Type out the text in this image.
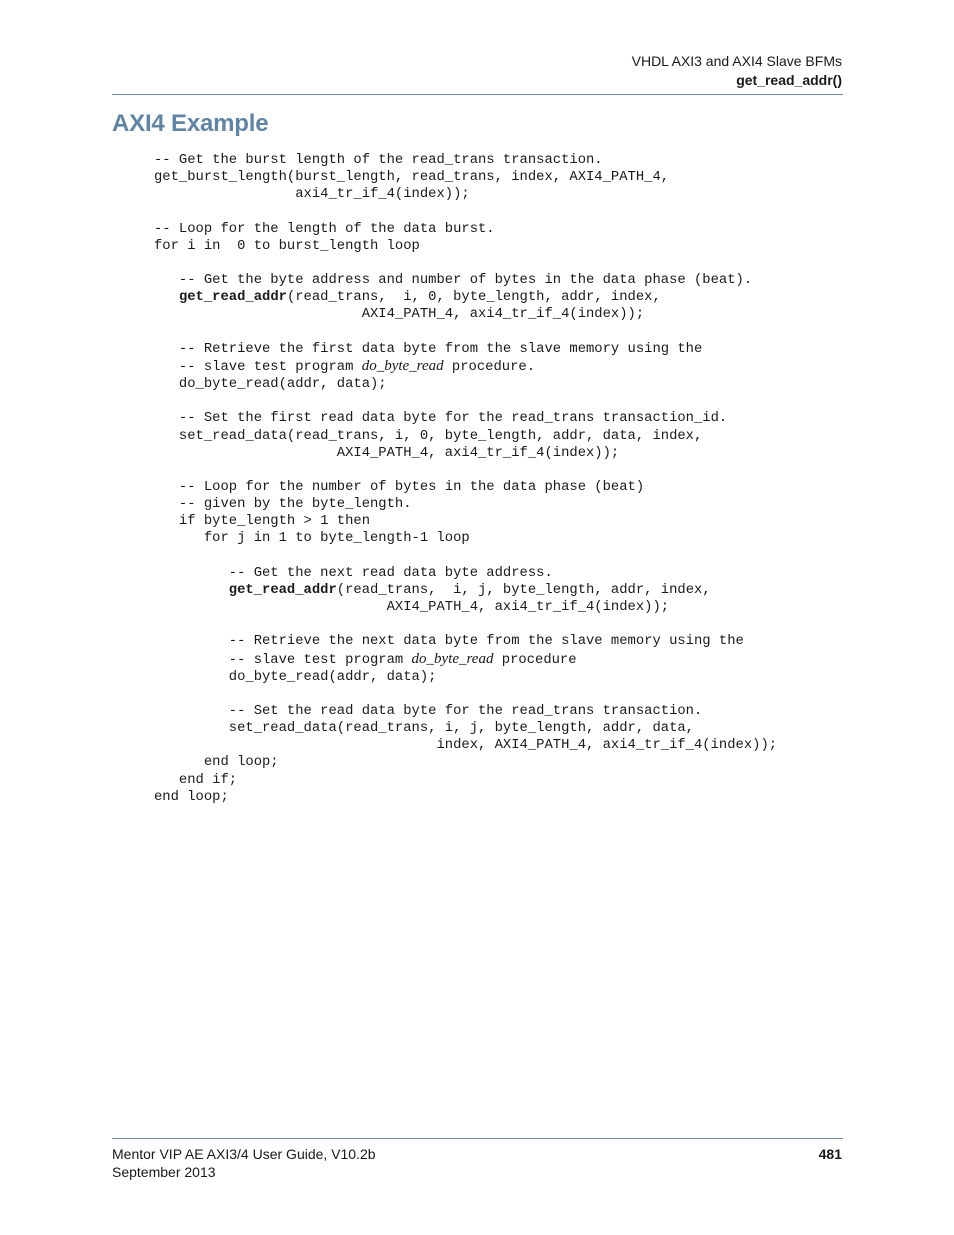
VHDL AXI3 and AXI4 Slave BFMs
get_read_addr()
AXI4 Example
-- Get the burst length of the read_trans transaction.
get_burst_length(burst_length, read_trans, index, AXI4_PATH_4,
axi4_tr_if_4(index));

-- Loop for the length of the data burst.
for i in  0 to burst_length loop

-- Get the byte address and number of bytes in the data phase (beat).
get_read_addr(read_trans,  i, 0, byte_length, addr, index,
AXI4_PATH_4, axi4_tr_if_4(index));

-- Retrieve the first data byte from the slave memory using the
-- slave test program do_byte_read procedure.
do_byte_read(addr, data);

-- Set the first read data byte for the read_trans transaction_id.
set_read_data(read_trans, i, 0, byte_length, addr, data, index,
AXI4_PATH_4, axi4_tr_if_4(index));

-- Loop for the number of bytes in the data phase (beat)
-- given by the byte_length.
if byte_length > 1 then
for j in 1 to byte_length-1 loop

-- Get the next read data byte address.
get_read_addr(read_trans,  i, j, byte_length, addr, index,
AXI4_PATH_4, axi4_tr_if_4(index));

-- Retrieve the next data byte from the slave memory using the
-- slave test program do_byte_read procedure
do_byte_read(addr, data);

-- Set the read data byte for the read_trans transaction.
set_read_data(read_trans, i, j, byte_length, addr, data,
index, AXI4_PATH_4, axi4_tr_if_4(index));
end loop;
end if;
end loop;
Mentor VIP AE AXI3/4 User Guide, V10.2b
September 2013
481
